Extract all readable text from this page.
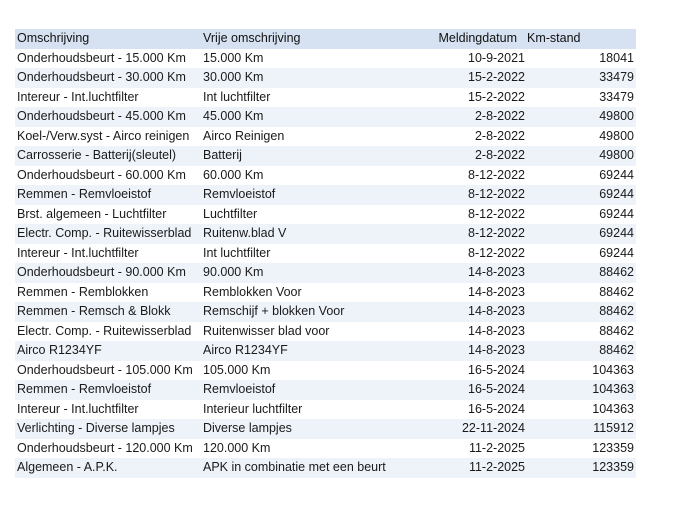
Omschrijving	Vrije omschrijving	Meldingdatum	Km-stand
Onderhoudsbeurt - 15.000 Km	15.000 Km	10-9-2021	18041
Onderhoudsbeurt - 30.000 Km	30.000 Km	15-2-2022	33479
Intereur - Int.luchtfilter	Int luchtfilter	15-2-2022	33479
Onderhoudsbeurt - 45.000 Km	45.000 Km	2-8-2022	49800
Koel-/Verw.syst - Airco reinigen	Airco Reinigen	2-8-2022	49800
Carrosserie - Batterij(sleutel)	Batterij	2-8-2022	49800
Onderhoudsbeurt - 60.000 Km	60.000 Km	8-12-2022	69244
Remmen - Remvloeistof	Remvloeistof	8-12-2022	69244
Brst. algemeen - Luchtfilter	Luchtfilter	8-12-2022	69244
Electr. Comp. - Ruitewisserblad	Ruitenw.blad V	8-12-2022	69244
Intereur - Int.luchtfilter	Int luchtfilter	8-12-2022	69244
Onderhoudsbeurt - 90.000 Km	90.000 Km	14-8-2023	88462
Remmen - Remblokken	Remblokken Voor	14-8-2023	88462
Remmen - Remsch & Blokk	Remschijf + blokken Voor	14-8-2023	88462
Electr. Comp. - Ruitewisserblad	Ruitenwisser blad voor	14-8-2023	88462
Airco R1234YF	Airco R1234YF	14-8-2023	88462
Onderhoudsbeurt - 105.000 Km	105.000 Km	16-5-2024	104363
Remmen - Remvloeistof	Remvloeistof	16-5-2024	104363
Intereur - Int.luchtfilter	Interieur luchtfilter	16-5-2024	104363
Verlichting - Diverse lampjes	Diverse lampjes	22-11-2024	115912
Onderhoudsbeurt - 120.000 Km	120.000 Km	11-2-2025	123359
Algemeen - A.P.K.	APK in combinatie met een beurt	11-2-2025	123359
